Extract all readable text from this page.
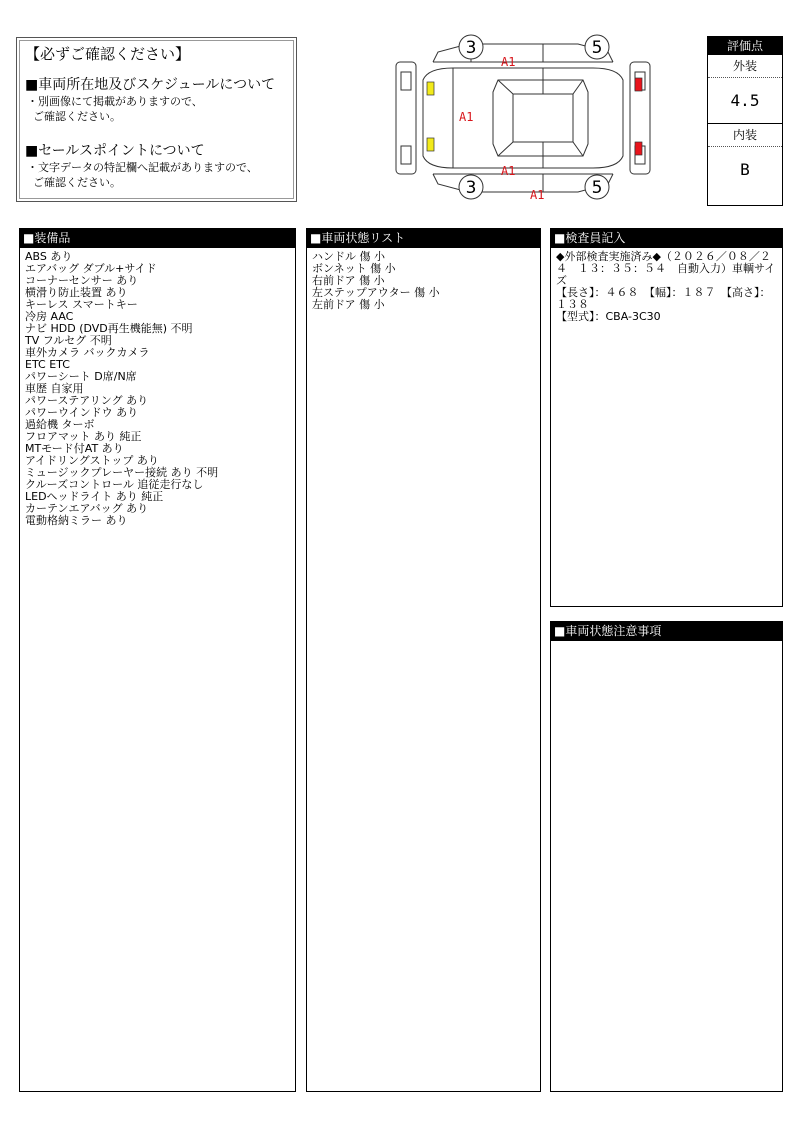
【必ずご確認ください】
■車両所在地及びスケジュールについて
・別画像にて掲載がありますので、
ご確認ください。
■セールスポイントについて
・文字データの特記欄へ記載がありますので、
ご確認ください。
3	5
3	5
A1
A1
A1
A1
評価点
外装
4.5
内装
B
■装備品
ABS あり
エアバッグ ダブル+サイド
コーナーセンサー あり
横滑り防止装置 あり
キーレス スマートキー
冷房 AAC
ナビ HDD (DVD再生機能無) 不明
TV フルセグ 不明
車外カメラ バックカメラ
ETC ETC
パワーシート D席/N席
車歴 自家用
パワーステアリング あり
パワーウインドウ あり
過給機 ターボ
フロアマット あり 純正
MTモード付AT あり
アイドリングストップ あり
ミュージックプレーヤー接続 あり 不明
クルーズコントロール 追従走行なし
LEDヘッドライト あり 純正
カーテンエアバッグ あり
電動格納ミラー あり
■車両状態リスト
ハンドル 傷 小
ボンネット 傷 小
右前ドア 傷 小
左ステップアウター 傷 小
左前ドア 傷 小
■検査員記入
◆外部検査実施済み◆（２０２６／０８／２４　１３：３５：５４　自動入力）車輌サイズ
【長さ】：４６８　【幅】：１８７　【高さ】：１３８
【型式】：CBA-3C30
■車両状態注意事項
